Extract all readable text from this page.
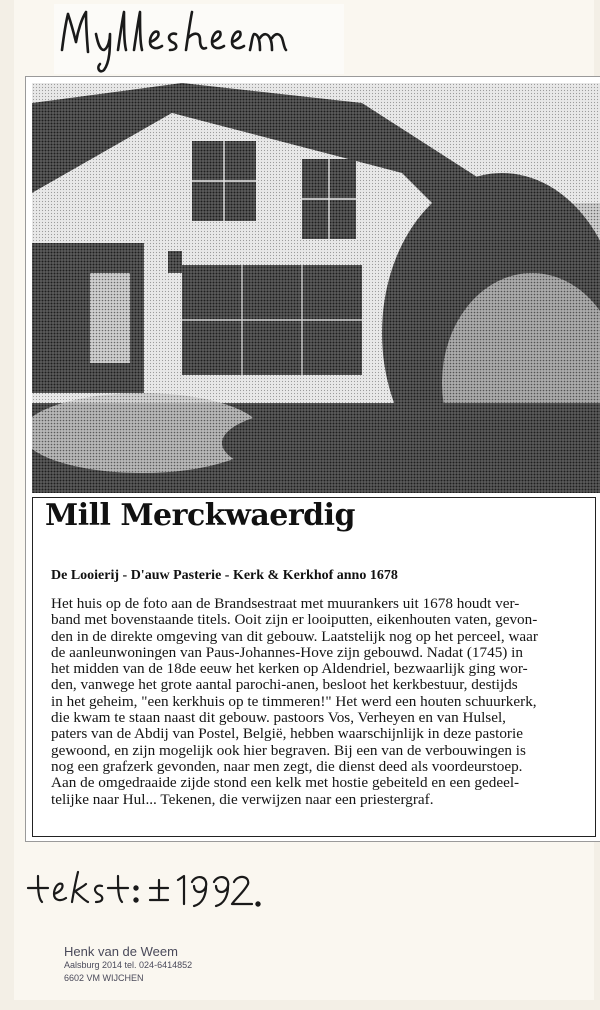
Mill Merckwaerdig
De Looierij - D'auw Pasterie - Kerk & Kerkhof anno 1678
Het huis op de foto aan de Brandsestraat met muurankers uit 1678 houdt ver-
band met bovenstaande titels. Ooit zijn er looiputten, eikenhouten vaten, gevon-
den in de direkte omgeving van dit gebouw. Laatstelijk nog op het perceel, waar
de aanleunwoningen van Paus-Johannes-Hove zijn gebouwd. Nadat (1745) in
het midden van de 18de eeuw het kerken op Aldendriel, bezwaarlijk ging wor-
den, vanwege het grote aantal parochi-anen, besloot het kerkbestuur, destijds
in het geheim, "een kerkhuis op te timmeren!" Het werd een houten schuurkerk,
die kwam te staan naast dit gebouw. pastoors Vos, Verheyen en van Hulsel,
paters van de Abdij van Postel, België, hebben waarschijnlijk in deze pastorie
gewoond, en zijn mogelijk ook hier begraven. Bij een van de verbouwingen is
nog een grafzerk gevonden, naar men zegt, die dienst deed als voordeurstoep.
Aan de omgedraaide zijde stond een kelk met hostie gebeiteld en een gedeel-
telijke naar Hul... Tekenen, die verwijzen naar een priestergraf.
Henk van de Weem
Aalsburg 2014 tel. 024-6414852
6602 VM WIJCHEN
